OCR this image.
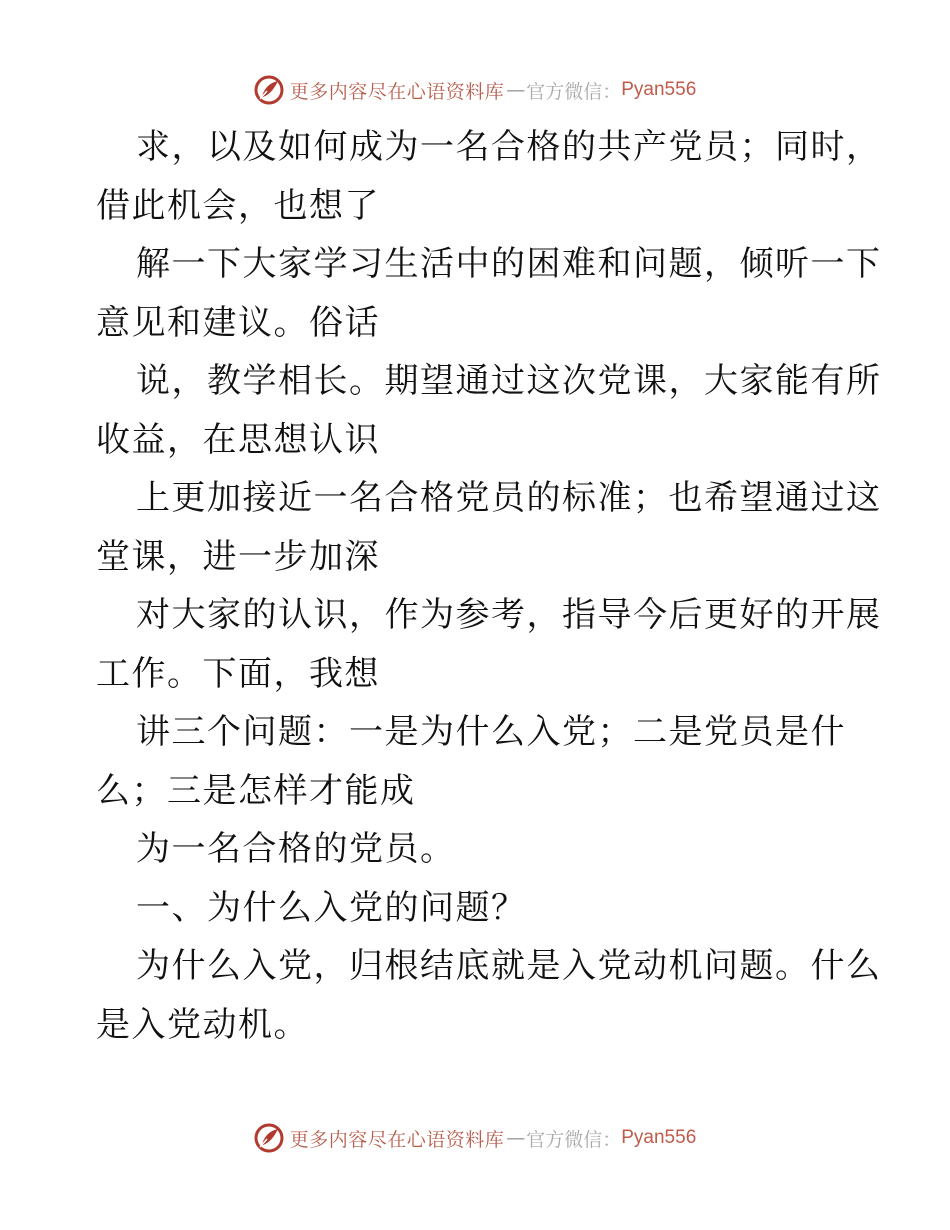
更多内容尽在心语资料库 — 官方微信： Pyan556
求，以及如何成为一名合格的共产党员；同时，
借此机会，也想了
解一下大家学习生活中的困难和问题，倾听一下
意见和建议。俗话
说，教学相长。期望通过这次党课，大家能有所
收益，在思想认识
上更加接近一名合格党员的标准；也希望通过这
堂课，进一步加深
对大家的认识，作为参考，指导今后更好的开展
工作。下面，我想
讲三个问题：一是为什么入党；二是党员是什
么；三是怎样才能成
为一名合格的党员。
一、为什么入党的问题？
为什么入党，归根结底就是入党动机问题。什么
是入党动机。
更多内容尽在心语资料库 — 官方微信： Pyan556
